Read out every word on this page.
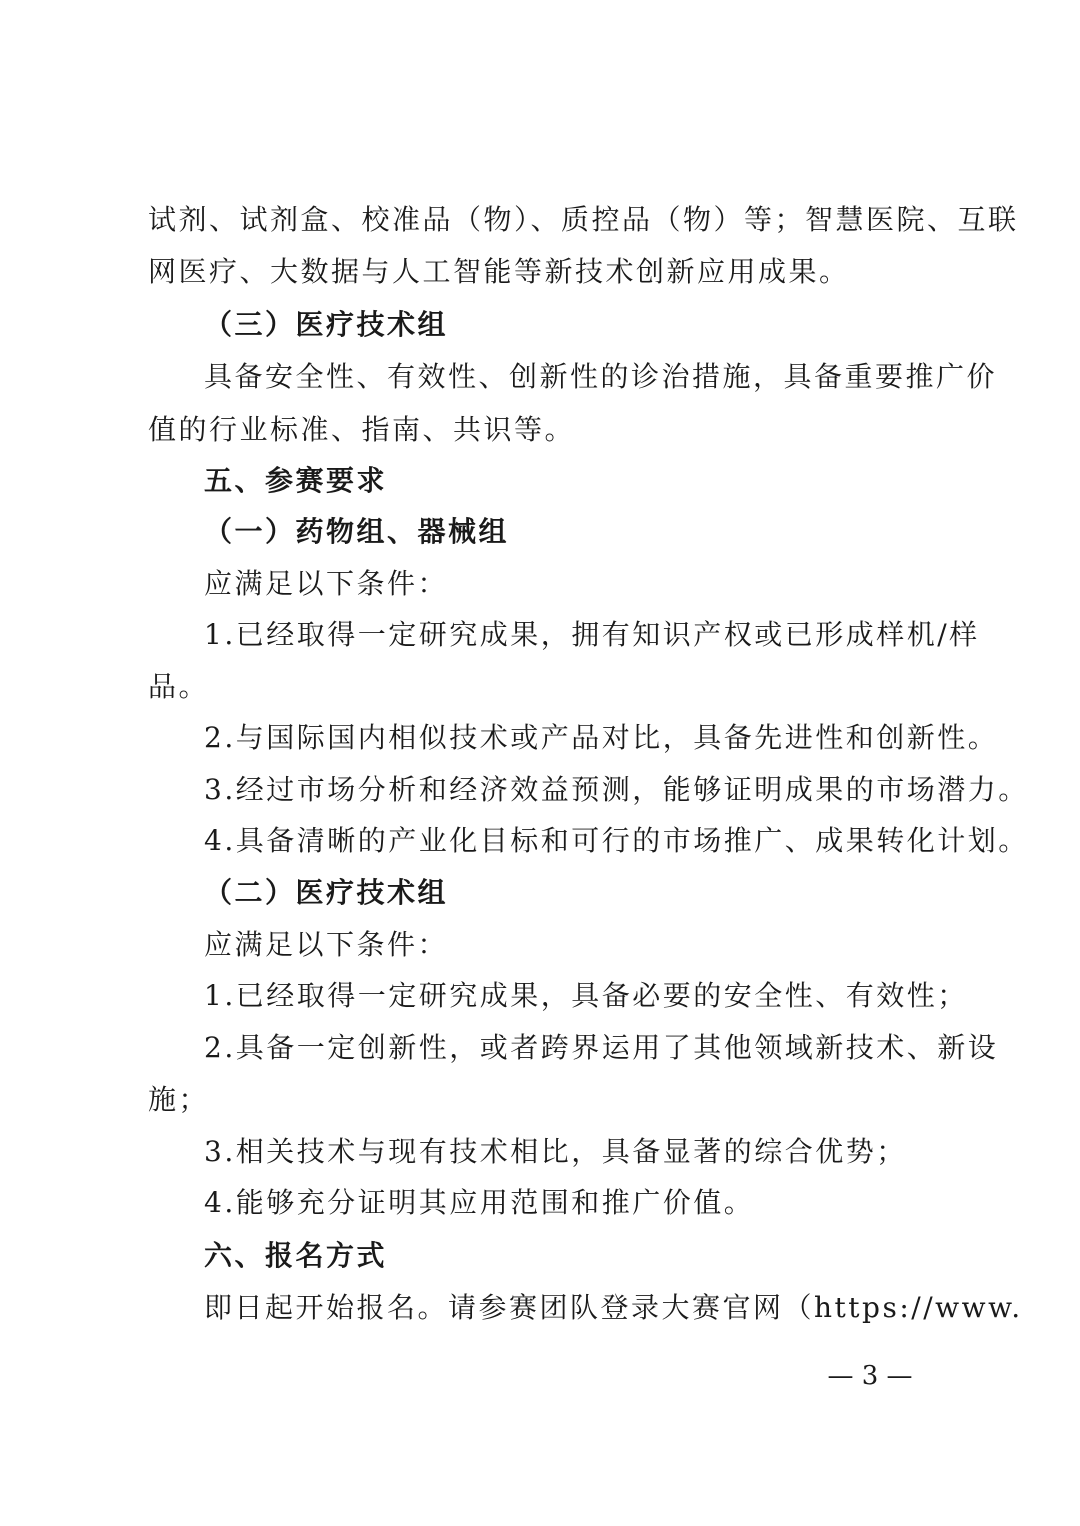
试剂、试剂盒、校准品（物）、质控品（物）等；智慧医院、互联
网医疗、大数据与人工智能等新技术创新应用成果。
（三）医疗技术组
具备安全性、有效性、创新性的诊治措施，具备重要推广价
值的行业标准、指南、共识等。
五、参赛要求
（一）药物组、器械组
应满足以下条件：
1.已经取得一定研究成果，拥有知识产权或已形成样机/样
品。
2.与国际国内相似技术或产品对比，具备先进性和创新性。
3.经过市场分析和经济效益预测，能够证明成果的市场潜力。
4.具备清晰的产业化目标和可行的市场推广、成果转化计划。
（二）医疗技术组
应满足以下条件：
1.已经取得一定研究成果，具备必要的安全性、有效性；
2.具备一定创新性，或者跨界运用了其他领域新技术、新设
施；
3.相关技术与现有技术相比，具备显著的综合优势；
4.能够充分证明其应用范围和推广价值。
六、报名方式
即日起开始报名。请参赛团队登录大赛官网（https://www.
— 3 —
